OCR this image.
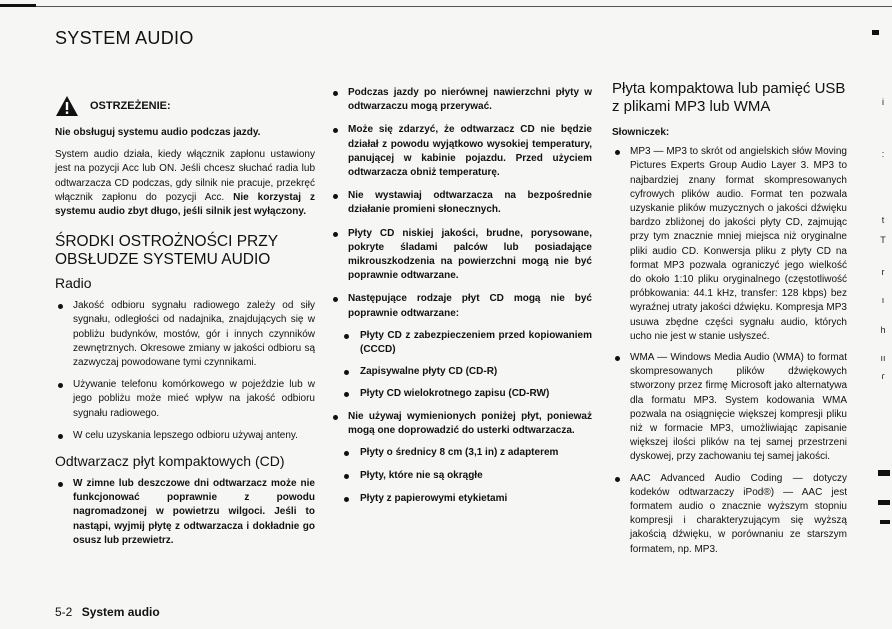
SYSTEM AUDIO
OSTRZEŻENIE:

Nie obsługuj systemu audio podczas jazdy.

System audio działa, kiedy włącznik zapłonu ustawiony jest na pozycji Acc lub ON. Jeśli chcesz słuchać radia lub odtwarzacza CD podczas, gdy silnik nie pracuje, przekręć włącznik zapłonu do pozycji Acc. Nie korzystaj z systemu audio zbyt długo, jeśli silnik jest wyłączony.

ŚRODKI OSTROŻNOŚCI PRZY
OBSŁUDZE SYSTEMU AUDIO
Radio
Jakość odbioru sygnału radiowego zależy od siły sygnału, odległości od nadajnika, znajdujących się w pobliżu budynków, mostów, gór i innych czynników zewnętrznych. Okresowe zmiany w jakości odbioru są zazwyczaj powodowane tymi czynnikami.
Używanie telefonu komórkowego w pojeździe lub w jego pobliżu może mieć wpływ na jakość odbioru sygnału radiowego.
W celu uzyskania lepszego odbioru używaj anteny.
Odtwarzacz płyt kompaktowych (CD)
W zimne lub deszczowe dni odtwarzacz może nie funkcjonować poprawnie z powodu nagromadzonej w powietrzu wilgoci. Jeśli to nastąpi, wyjmij płytę z odtwarzacza i dokładnie go osusz lub przewietrz.
Podczas jazdy po nierównej nawierzchni płyty w odtwarzaczu mogą przerywać.
Może się zdarzyć, że odtwarzacz CD nie będzie działał z powodu wyjątkowo wysokiej temperatury, panującej w kabinie pojazdu. Przed użyciem odtwarzacza obniż temperaturę.
Nie wystawiaj odtwarzacza na bezpośrednie działanie promieni słonecznych.
Płyty CD niskiej jakości, brudne, porysowane, pokryte śladami palców lub posiadające mikrouszkodzenia na powierzchni mogą nie być poprawnie odtwarzane.
Następujące rodzaje płyt CD mogą nie być poprawnie odtwarzane:
Płyty CD z zabezpieczeniem przed kopiowaniem (CCCD)
Zapisywalne płyty CD (CD-R)
Płyty CD wielokrotnego zapisu (CD-RW)
Nie używaj wymienionych poniżej płyt, ponieważ mogą one doprowadzić do usterki odtwarzacza.
Płyty o średnicy 8 cm (3,1 in) z adapterem
Płyty, które nie są okrągłe
Płyty z papierowymi etykietami
Płyta kompaktowa lub pamięć USB z plikami MP3 lub WMA

Słowniczek:

MP3 — MP3 to skrót od angielskich słów Moving Pictures Experts Group Audio Layer 3. MP3 to najbardziej znany format skompresowanych cyfrowych plików audio. Format ten pozwala uzyskanie plików muzycznych o jakości dźwięku bardzo zbliżonej do jakości płyty CD, zajmując przy tym znacznie mniej miejsca niż oryginalne pliki audio CD. Konwersja pliku z płyty CD na format MP3 pozwala ograniczyć jego wielkość do około 1:10 pliku oryginalnego (częstotliwość próbkowania: 44.1 kHz, transfer: 128 kbps) bez wyraźnej utraty jakości dźwięku. Kompresja MP3 usuwa zbędne części sygnału audio, których ucho nie jest w stanie usłyszeć.
WMA — Windows Media Audio (WMA) to format skompresowanych plików dźwiękowych stworzony przez firmę Microsoft jako alternatywa dla formatu MP3. System kodowania WMA pozwala na osiągnięcie większej kompresji pliku niż w formacie MP3, umożliwiając zapisanie większej ilości plików na tej samej przestrzeni dyskowej, przy zachowaniu tej samej jakości.
AAC Advanced Audio Coding — dotyczy kodeków odtwarzaczy iPod®) — AAC jest formatem audio o znacznie wyższym stopniu kompresji i charakteryzującym się wyższą jakością dźwięku, w porównaniu ze starszym formatem, np. MP3.
i
:
t
T
r
ı
h
ıı
ɾ
5-2 System audio
